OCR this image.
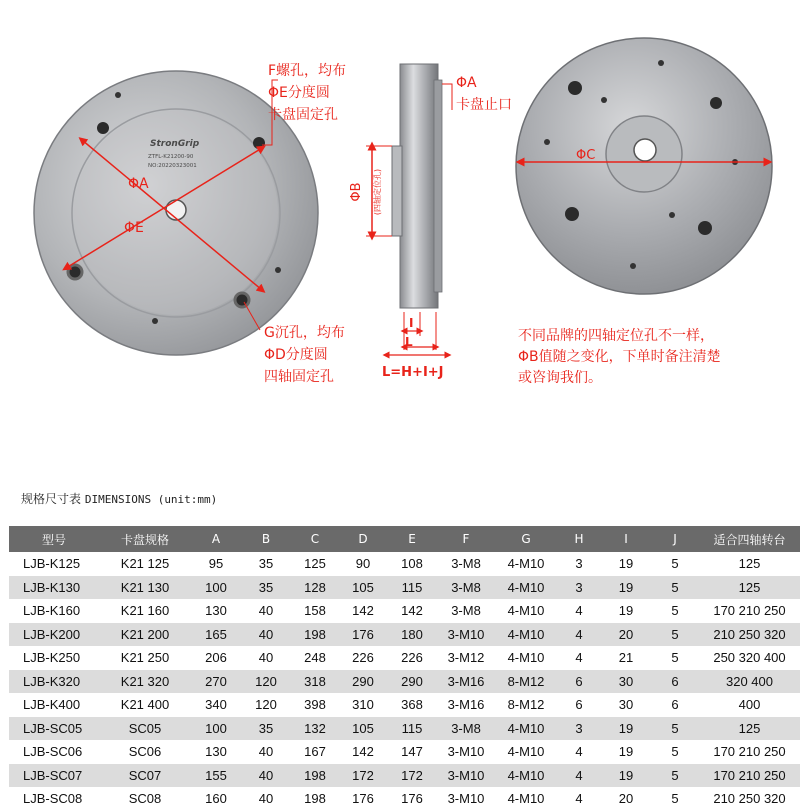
StronGrip
ZTFL-K21200-90
NO:20220323001
ΦA
ΦE
ΦB (四轴定位孔)
I
L
L=H+I+J
ΦC
F螺孔，均布
ΦE分度圆
卡盘固定孔
ΦA
卡盘止口
G沉孔，均布
ΦD分度圆
四轴固定孔
不同品牌的四轴定位孔不一样，
ΦB值随之变化，下单时备注清楚
或咨询我们。
规格尺寸表 DIMENSIONS (unit:mm)
型号	卡盘规格	A	B	C	D	E	F	G	H	I	J	适合四轴转台
LJB-K125	K21 125	95	35	125	90	108	3-M8	4-M10	3	19	5	125
LJB-K130	K21 130	100	35	128	105	115	3-M8	4-M10	3	19	5	125
LJB-K160	K21 160	130	40	158	142	142	3-M8	4-M10	4	19	5	170 210 250
LJB-K200	K21 200	165	40	198	176	180	3-M10	4-M10	4	20	5	210 250 320
LJB-K250	K21 250	206	40	248	226	226	3-M12	4-M10	4	21	5	250 320 400
LJB-K320	K21 320	270	120	318	290	290	3-M16	8-M12	6	30	6	320 400
LJB-K400	K21 400	340	120	398	310	368	3-M16	8-M12	6	30	6	400
LJB-SC05	SC05	100	35	132	105	115	3-M8	4-M10	3	19	5	125
LJB-SC06	SC06	130	40	167	142	147	3-M10	4-M10	4	19	5	170 210 250
LJB-SC07	SC07	155	40	198	172	172	3-M10	4-M10	4	19	5	170 210 250
LJB-SC08	SC08	160	40	198	176	176	3-M10	4-M10	4	20	5	210 250 320
